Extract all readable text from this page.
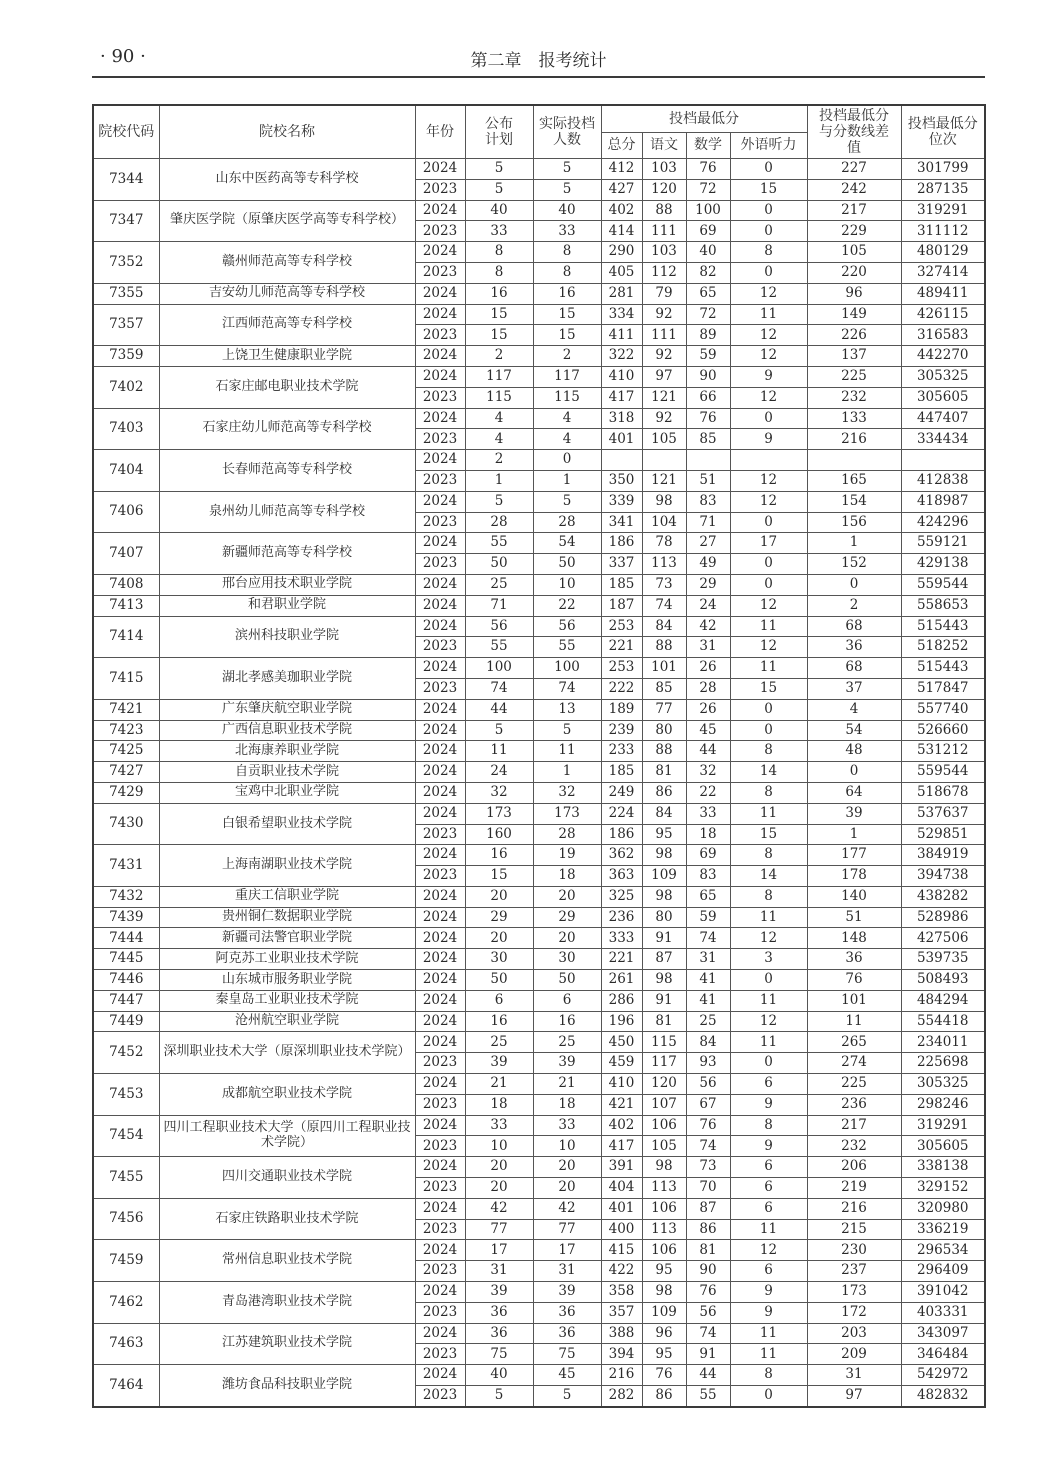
· 90 ·	第二章　报考统计
院校代码	院校名称	年份	公布计划	实际投档人数	投档最低分				投档最低分与分数线差值	投档最低分位次
					总分	语文	数学	外语听力		
7344	山东中医药高等专科学校	2024	5	5	412	103	76	0	227	301799
		2023	5	5	427	120	72	15	242	287135
7347	肇庆医学院（原肇庆医学高等专科学校）	2024	40	40	402	88	100	0	217	319291
		2023	33	33	414	111	69	0	229	311112
7352	赣州师范高等专科学校	2024	8	8	290	103	40	8	105	480129
		2023	8	8	405	112	82	0	220	327414
7355	吉安幼儿师范高等专科学校	2024	16	16	281	79	65	12	96	489411
7357	江西师范高等专科学校	2024	15	15	334	92	72	11	149	426115
		2023	15	15	411	111	89	12	226	316583
7359	上饶卫生健康职业学院	2024	2	2	322	92	59	12	137	442270
7402	石家庄邮电职业技术学院	2024	117	117	410	97	90	9	225	305325
		2023	115	115	417	121	66	12	232	305605
7403	石家庄幼儿师范高等专科学校	2024	4	4	318	92	76	0	133	447407
		2023	4	4	401	105	85	9	216	334434
7404	长春师范高等专科学校	2024	2	0						
		2023	1	1	350	121	51	12	165	412838
7406	泉州幼儿师范高等专科学校	2024	5	5	339	98	83	12	154	418987
		2023	28	28	341	104	71	0	156	424296
7407	新疆师范高等专科学校	2024	55	54	186	78	27	17	1	559121
		2023	50	50	337	113	49	0	152	429138
7408	邢台应用技术职业学院	2024	25	10	185	73	29	0	0	559544
7413	和君职业学院	2024	71	22	187	74	24	12	2	558653
7414	滨州科技职业学院	2024	56	56	253	84	42	11	68	515443
		2023	55	55	221	88	31	12	36	518252
7415	湖北孝感美珈职业学院	2024	100	100	253	101	26	11	68	515443
		2023	74	74	222	85	28	15	37	517847
7421	广东肇庆航空职业学院	2024	44	13	189	77	26	0	4	557740
7423	广西信息职业技术学院	2024	5	5	239	80	45	0	54	526660
7425	北海康养职业学院	2024	11	11	233	88	44	8	48	531212
7427	自贡职业技术学院	2024	24	1	185	81	32	14	0	559544
7429	宝鸡中北职业学院	2024	32	32	249	86	22	8	64	518678
7430	白银希望职业技术学院	2024	173	173	224	84	33	11	39	537637
		2023	160	28	186	95	18	15	1	529851
7431	上海南湖职业技术学院	2024	16	19	362	98	69	8	177	384919
		2023	15	18	363	109	83	14	178	394738
7432	重庆工信职业学院	2024	20	20	325	98	65	8	140	438282
7439	贵州铜仁数据职业学院	2024	29	29	236	80	59	11	51	528986
7444	新疆司法警官职业学院	2024	20	20	333	91	74	12	148	427506
7445	阿克苏工业职业技术学院	2024	30	30	221	87	31	3	36	539735
7446	山东城市服务职业学院	2024	50	50	261	98	41	0	76	508493
7447	秦皇岛工业职业技术学院	2024	6	6	286	91	41	11	101	484294
7449	沧州航空职业学院	2024	16	16	196	81	25	12	11	554418
7452	深圳职业技术大学（原深圳职业技术学院）	2024	25	25	450	115	84	11	265	234011
		2023	39	39	459	117	93	0	274	225698
7453	成都航空职业技术学院	2024	21	21	410	120	56	6	225	305325
		2023	18	18	421	107	67	9	236	298246
7454	四川工程职业技术大学（原四川工程职业技术学院）	2024	33	33	402	106	76	8	217	319291
		2023	10	10	417	105	74	9	232	305605
7455	四川交通职业技术学院	2024	20	20	391	98	73	6	206	338138
		2023	20	20	404	113	70	6	219	329152
7456	石家庄铁路职业技术学院	2024	42	42	401	106	87	6	216	320980
		2023	77	77	400	113	86	11	215	336219
7459	常州信息职业技术学院	2024	17	17	415	106	81	12	230	296534
		2023	31	31	422	95	90	6	237	296409
7462	青岛港湾职业技术学院	2024	39	39	358	98	76	9	173	391042
		2023	36	36	357	109	56	9	172	403331
7463	江苏建筑职业技术学院	2024	36	36	388	96	74	11	203	343097
		2023	75	75	394	95	91	11	209	346484
7464	潍坊食品科技职业学院	2024	40	45	216	76	44	8	31	542972
		2023	5	5	282	86	55	0	97	482832
